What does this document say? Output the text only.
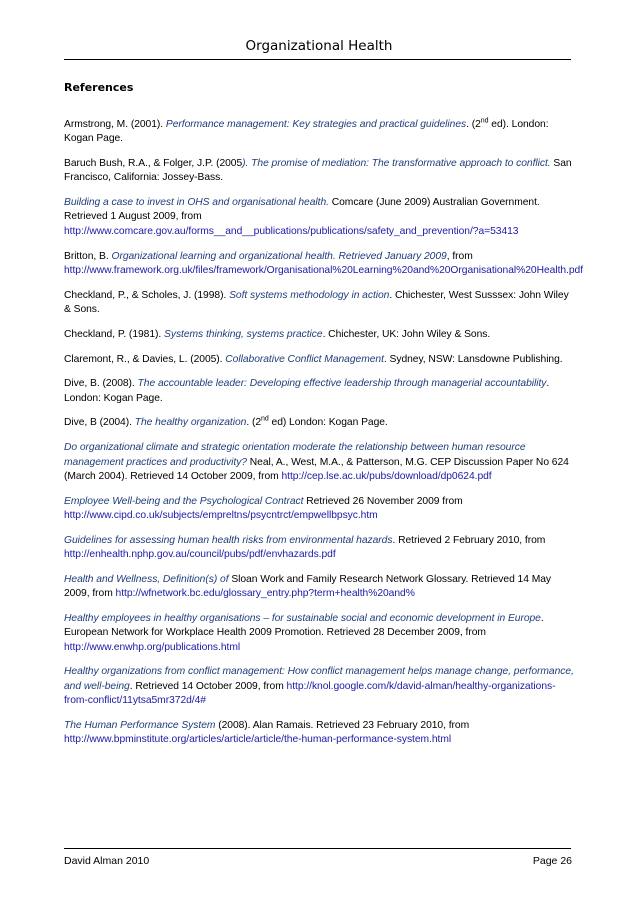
Organizational Health
References

Armstrong, M. (2001). Performance management: Key strategies and practical guidelines. (2nd ed). London: Kogan Page.

Baruch Bush, R.A., & Folger, J.P. (2005). The promise of mediation: The transformative approach to conflict. San Francisco, California: Jossey-Bass.

Building a case to invest in OHS and organisational health. Comcare (June 2009) Australian Government. Retrieved 1 August 2009, from http://www.comcare.gov.au/forms__and__publications/publications/safety_and_prevention/?a=53413

Britton, B. Organizational learning and organizational health. Retrieved January 2009, from http://www.framework.org.uk/files/framework/Organisational%20Learning%20and%20Organisational%20Health.pdf

Checkland, P., & Scholes, J. (1998). Soft systems methodology in action. Chichester, West Susssex: John Wiley & Sons.

Checkland, P. (1981). Systems thinking, systems practice. Chichester, UK: John Wiley & Sons.

Claremont, R., & Davies, L. (2005). Collaborative Conflict Management. Sydney, NSW: Lansdowne Publishing.

Dive, B. (2008). The accountable leader: Developing effective leadership through managerial accountability. London: Kogan Page.

Dive, B (2004). The healthy organization. (2nd ed) London: Kogan Page.

Do organizational climate and strategic orientation moderate the relationship between human resource management practices and productivity? Neal, A., West, M.A., & Patterson, M.G. CEP Discussion Paper No 624 (March 2004). Retrieved 14 October 2009, from http://cep.lse.ac.uk/pubs/download/dp0624.pdf

Employee Well-being and the Psychological Contract Retrieved 26 November 2009 from http://www.cipd.co.uk/subjects/empreltns/psycntrct/empwellbpsyc.htm

Guidelines for assessing human health risks from environmental hazards. Retrieved 2 February 2010, from http://enhealth.nphp.gov.au/council/pubs/pdf/envhazards.pdf

Health and Wellness, Definition(s) of Sloan Work and Family Research Network Glossary. Retrieved 14 May 2009, from http://wfnetwork.bc.edu/glossary_entry.php?term+health%20and%

Healthy employees in healthy organisations – for sustainable social and economic development in Europe. European Network for Workplace Health 2009 Promotion. Retrieved 28 December 2009, from http://www.enwhp.org/publications.html

Healthy organizations from conflict management: How conflict management helps manage change, performance, and well-being. Retrieved 14 October 2009, from http://knol.google.com/k/david-alman/healthy-organizations-from-conflict/11ytsa5mr372d/4#

The Human Performance System (2008). Alan Ramais. Retrieved 23 February 2010, from http://www.bpminstitute.org/articles/article/article/the-human-performance-system.html

David Alman 2010	Page 26
